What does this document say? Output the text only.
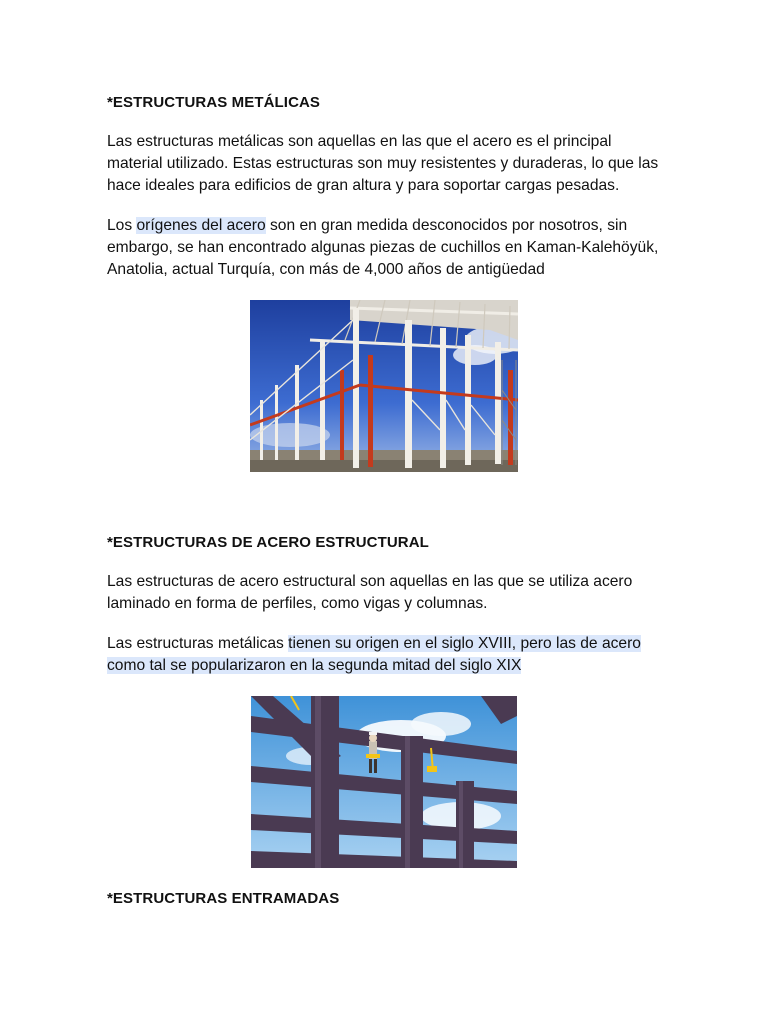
*ESTRUCTURAS METÁLICAS
Las estructuras metálicas son aquellas en las que el acero es el principal
material utilizado. Estas estructuras son muy resistentes y duraderas, lo que las
hace ideales para edificios de gran altura y para soportar cargas pesadas.
Los orígenes del acero son en gran medida desconocidos por nosotros, sin
embargo, se han encontrado algunas piezas de cuchillos en Kaman-Kalehöyük,
Anatolia, actual Turquía, con más de 4,000 años de antigüedad
*ESTRUCTURAS DE ACERO ESTRUCTURAL
Las estructuras de acero estructural son aquellas en las que se utiliza acero
laminado en forma de perfiles, como vigas y columnas.
Las estructuras metálicas tienen su origen en el siglo XVIII, pero las de acero
como tal se popularizaron en la segunda mitad del siglo XIX
*ESTRUCTURAS ENTRAMADAS
